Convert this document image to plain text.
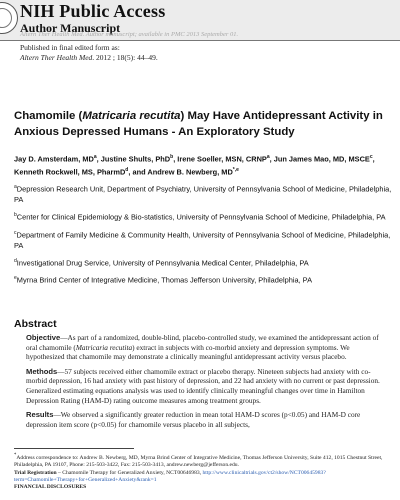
NIH Public Access
Author Manuscript
Altern Ther Health Med. Author manuscript; available in PMC 2013 September 01.
Published in final edited form as:
Altern Ther Health Med. 2012 ; 18(5): 44–49.
Chamomile (Matricaria recutita) May Have Antidepressant Activity in Anxious Depressed Humans - An Exploratory Study
Jay D. Amsterdam, $MD^a$, Justine Shults, PhD$^b$, Irene Soeller, MSN, CRNP$^a$, Jun James Mao, MD, MSCE$^c$, Kenneth Rockwell, MS, PharmD$^d$, and Andrew B. Newberg, $MD^{*,e}$
$^a$Depression Research Unit, Department of Psychiatry, University of Pennsylvania School of Medicine, Philadelphia, PA
$^b$Center for Clinical Epidemiology & Bio-statistics, University of Pennsylvania School of Medicine, Philadelphia, PA
$^c$Department of Family Medicine & Community Health, University of Pennsylvania School of Medicine, Philadelphia, PA
$^d$Investigational Drug Service, University of Pennsylvania Medical Center, Philadelphia, PA
$^e$Myrna Brind Center of Integrative Medicine, Thomas Jefferson University, Philadelphia, PA
Abstract

Objective—As part of a randomized, double-blind, placebo-controlled study, we examined the antidepressant action of oral chamomile (Matricaria recutita) extract in subjects with co-morbid anxiety and depression symptoms. We hypothesized that chamomile may demonstrate a clinically meaningful antidepressant activity versus placebo.

Methods—57 subjects received either chamomile extract or placebo therapy. Nineteen subjects had anxiety with co-morbid depression, 16 had anxiety with past history of depression, and 22 had anxiety with no current or past depression. Generalized estimating equations analysis was used to identify clinically meaningful changes over time in Hamilton Depression Rating (HAM-D) rating outcome measures among treatment groups.

Results—We observed a significantly greater reduction in mean total HAM-D scores (p<0.05) and HAM-D core depression item score (p<0.05) for chamomile versus placebo in all subjects,

*Address correspondence to: Andrew B. Newberg, MD, Myrna Brind Center of Integrative Medicine, Thomas Jefferson University, Suite 412, 1015 Chestnut Street, Philadelphia, PA 19107, Phone: 215-503-3422, Fax: 215-503-3413, andrew.newberg@jefferson.edu.

Trial Registration – Chamomile Therapy for Generalized Anxiety, NCT00646983, http://www.clinicaltrials.gov/ct2/show/NCT00645983?term=Chamomile+Therapy+for+Generalized+Anxiety&rank=1

FINANCIAL DISCLOSURES
